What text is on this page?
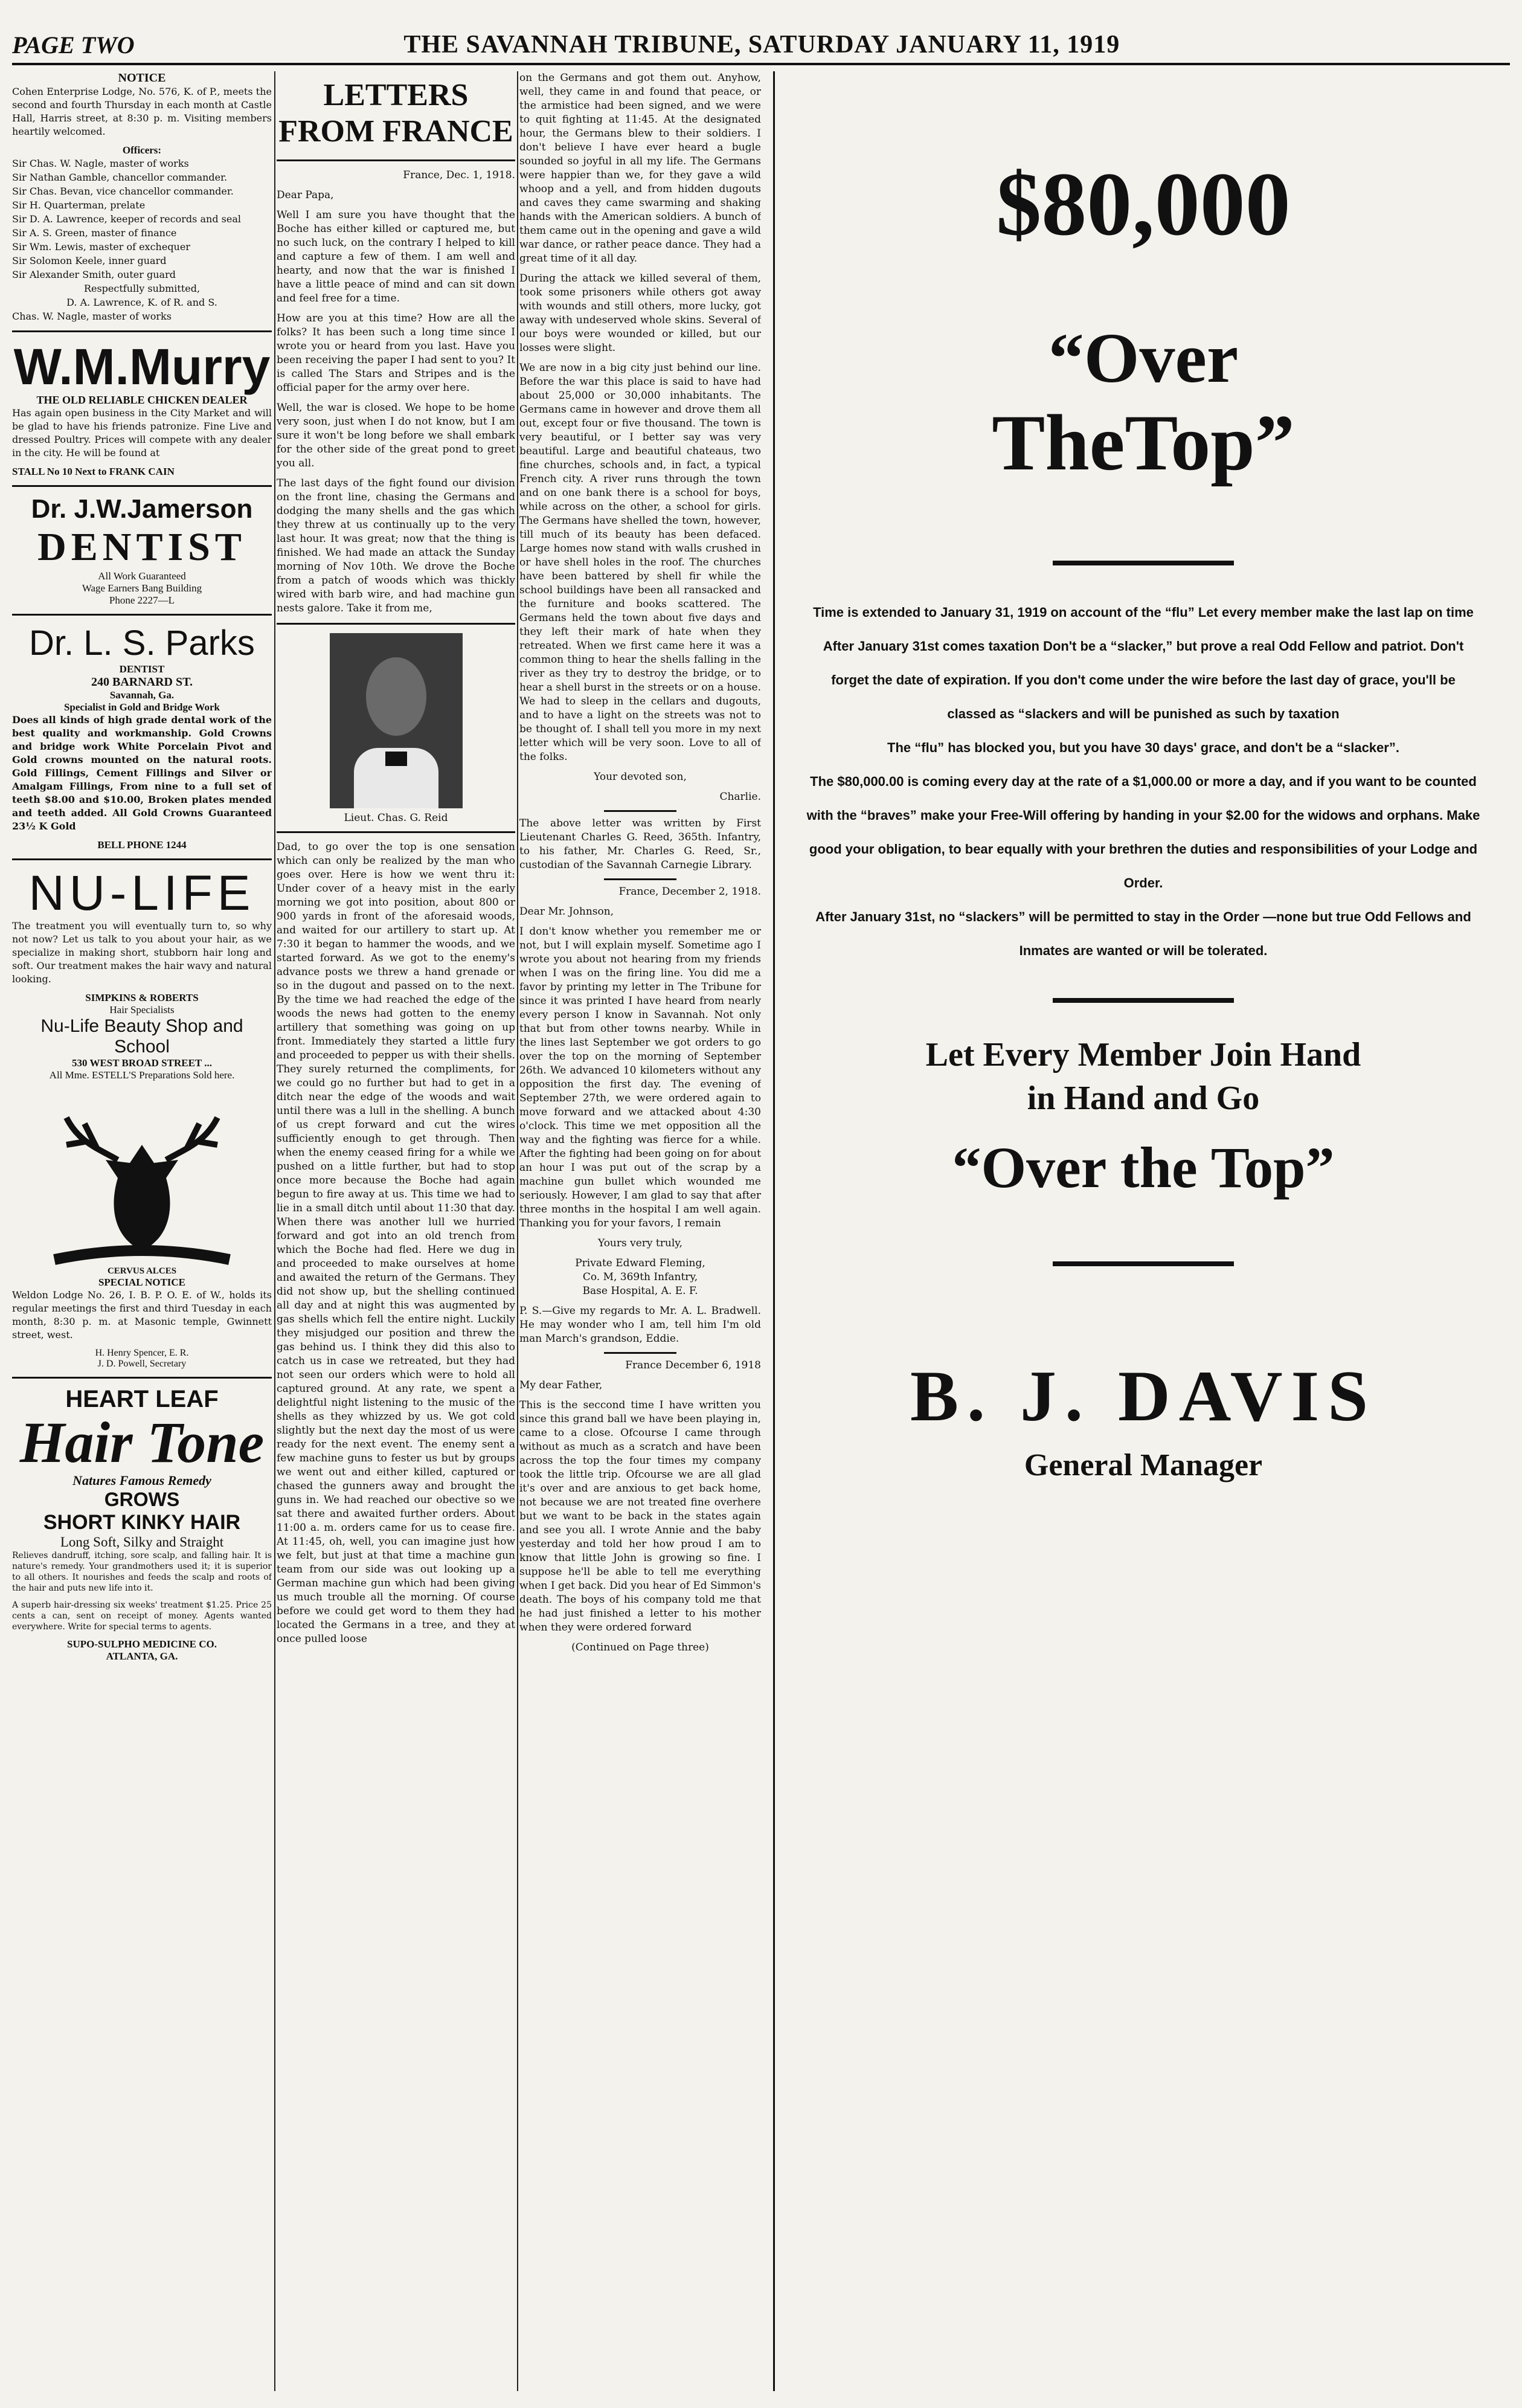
PAGE TWO	THE SAVANNAH TRIBUNE, SATURDAY JANUARY 11, 1919
NOTICE

Cohen Enterprise Lodge, No. 576, K. of P., meets the second and fourth Thursday in each month at Castle Hall, Harris street, at 8:30 p. m. Visiting members heartily welcomed.

Officers:

Sir Chas. W. Nagle, master of works

Sir Nathan Gamble, chancellor commander.

Sir Chas. Bevan, vice chancellor commander.

Sir H. Quarterman, prelate

Sir D. A. Lawrence, keeper of records and seal

Sir A. S. Green, master of finance

Sir Wm. Lewis, master of exchequer

Sir Solomon Keele, inner guard

Sir Alexander Smith, outer guard

Respectfully submitted,

D. A. Lawrence, K. of R. and S.

Chas. W. Nagle, master of works

W.M.Murry
THE OLD RELIABLE CHICKEN DEALER

Has again open business in the City Market and will be glad to have his friends patronize. Fine Live and dressed Poultry. Prices will compete with any dealer in the city. He will be found at

STALL No 10 Next to FRANK CAIN
Dr. J.W.Jamerson
DENTIST
All Work Guaranteed
Wage Earners Bang Building
Phone 2227—L
Dr. L. S. Parks
DENTIST
240 BARNARD ST.
Savannah, Ga.
Specialist in Gold and Bridge Work

Does all kinds of high grade dental work of the best quality and workmanship. Gold Crowns and bridge work White Porcelain Pivot and Gold crowns mounted on the natural roots. Gold Fillings, Cement Fillings and Silver or Amalgam Fillings, From nine to a full set of teeth $8.00 and $10.00, Broken plates mended and teeth added. All Gold Crowns Guaranteed 23½ K Gold

BELL PHONE 1244
NU-LIFE

The treatment you will eventually turn to, so why not now? Let us talk to you about your hair, as we specialize in making short, stubborn hair long and soft. Our treatment makes the hair wavy and natural looking.

SIMPKINS & ROBERTS
Hair Specialists
Nu-Life Beauty Shop and School
530 WEST BROAD STREET ...
All Mme. ESTELL'S Preparations Sold here.
CERVUS ALCES
SPECIAL NOTICE

Weldon Lodge No. 26, I. B. P. O. E. of W., holds its regular meetings the first and third Tuesday in each month, 8:30 p. m. at Masonic temple, Gwinnett street, west.

H. Henry Spencer, E. R.
J. D. Powell, Secretary
HEART LEAF
Hair Tone
Natures Famous Remedy
GROWS
SHORT KINKY HAIR
Long Soft, Silky and Straight

Relieves dandruff, itching, sore scalp, and falling hair. It is nature's remedy. Your grandmothers used it; it is superior to all others. It nourishes and feeds the scalp and roots of the hair and puts new life into it.

A superb hair-dressing six weeks' treatment $1.25. Price 25 cents a can, sent on receipt of money. Agents wanted everywhere. Write for special terms to agents.

SUPO-SULPHO MEDICINE CO.
ATLANTA, GA.
LETTERS FROM FRANCE

France, Dec. 1, 1918.

Dear Papa,

Well I am sure you have thought that the Boche has either killed or captured me, but no such luck, on the contrary I helped to kill and capture a few of them. I am well and hearty, and now that the war is finished I have a little peace of mind and can sit down and feel free for a time.

How are you at this time? How are all the folks? It has been such a long time since I wrote you or heard from you last. Have you been receiving the paper I had sent to you? It is called The Stars and Stripes and is the official paper for the army over here.

Well, the war is closed. We hope to be home very soon, just when I do not know, but I am sure it won't be long before we shall embark for the other side of the great pond to greet you all.

The last days of the fight found our division on the front line, chasing the Germans and dodging the many shells and the gas which they threw at us continually up to the very last hour. It was great; now that the thing is finished. We had made an attack the Sunday morning of Nov 10th. We drove the Boche from a patch of woods which was thickly wired with barb wire, and had machine gun nests galore. Take it from me,

Lieut. Chas. G. Reid

Dad, to go over the top is one sensation which can only be realized by the man who goes over. Here is how we went thru it: Under cover of a heavy mist in the early morning we got into position, about 800 or 900 yards in front of the aforesaid woods, and waited for our artillery to start up. At 7:30 it began to hammer the woods, and we started forward. As we got to the enemy's advance posts we threw a hand grenade or so in the dugout and passed on to the next. By the time we had reached the edge of the woods the news had gotten to the enemy artillery that something was going on up front. Immediately they started a little fury and proceeded to pepper us with their shells. They surely returned the compliments, for we could go no further but had to get in a ditch near the edge of the woods and wait until there was a lull in the shelling. A bunch of us crept forward and cut the wires sufficiently enough to get through. Then when the enemy ceased firing for a while we pushed on a little further, but had to stop once more because the Boche had again begun to fire away at us. This time we had to lie in a small ditch until about 11:30 that day. When there was another lull we hurried forward and got into an old trench from which the Boche had fled. Here we dug in and proceeded to make ourselves at home and awaited the return of the Germans. They did not show up, but the shelling continued all day and at night this was augmented by gas shells which fell the entire night. Luckily they misjudged our position and threw the gas behind us. I think they did this also to catch us in case we retreated, but they had not seen our orders which were to hold all captured ground. At any rate, we spent a delightful night listening to the music of the shells as they whizzed by us. We got cold slightly but the next day the most of us were ready for the next event. The enemy sent a few machine guns to fester us but by groups we went out and either killed, captured or chased the gunners away and brought the guns in. We had reached our obective so we sat there and awaited further orders. About 11:00 a. m. orders came for us to cease fire. At 11:45, oh, well, you can imagine just how we felt, but just at that time a machine gun team from our side was out looking up a German machine gun which had been giving us much trouble all the morning. Of course before we could get word to them they had located the Germans in a tree, and they at once pulled loose

on the Germans and got them out. Anyhow, well, they came in and found that peace, or the armistice had been signed, and we were to quit fighting at 11:45. At the designated hour, the Germans blew to their soldiers. I don't believe I have ever heard a bugle sounded so joyful in all my life. The Germans were happier than we, for they gave a wild whoop and a yell, and from hidden dugouts and caves they came swarming and shaking hands with the American soldiers. A bunch of them came out in the opening and gave a wild war dance, or rather peace dance. They had a great time of it all day.

During the attack we killed several of them, took some prisoners while others got away with wounds and still others, more lucky, got away with undeserved whole skins. Several of our boys were wounded or killed, but our losses were slight.

We are now in a big city just behind our line. Before the war this place is said to have had about 25,000 or 30,000 inhabitants. The Germans came in however and drove them all out, except four or five thousand. The town is very beautiful, or I better say was very beautiful. Large and beautiful chateaus, two fine churches, schools and, in fact, a typical French city. A river runs through the town and on one bank there is a school for boys, while across on the other, a school for girls. The Germans have shelled the town, however, till much of its beauty has been defaced. Large homes now stand with walls crushed in or have shell holes in the roof. The churches have been battered by shell fir while the school buildings have been all ransacked and the furniture and books scattered. The Germans held the town about five days and they left their mark of hate when they retreated. When we first came here it was a common thing to hear the shells falling in the river as they try to destroy the bridge, or to hear a shell burst in the streets or on a house. We had to sleep in the cellars and dugouts, and to have a light on the streets was not to be thought of. I shall tell you more in my next letter which will be very soon. Love to all of the folks.

Your devoted son,

Charlie.

The above letter was written by First Lieutenant Charles G. Reed, 365th. Infantry, to his father, Mr. Charles G. Reed, Sr., custodian of the Savannah Carnegie Library.

France, December 2, 1918.

Dear Mr. Johnson,

I don't know whether you remember me or not, but I will explain myself. Sometime ago I wrote you about not hearing from my friends when I was on the firing line. You did me a favor by printing my letter in The Tribune for since it was printed I have heard from nearly every person I know in Savannah. Not only that but from other towns nearby. While in the lines last September we got orders to go over the top on the morning of September 26th. We advanced 10 kilometers without any opposition the first day. The evening of September 27th, we were ordered again to move forward and we attacked about 4:30 o'clock. This time we met opposition all the way and the fighting was fierce for a while. After the fighting had been going on for about an hour I was put out of the scrap by a machine gun bullet which wounded me seriously. However, I am glad to say that after three months in the hospital I am well again. Thanking you for your favors, I remain

Yours very truly,

Private Edward Fleming,

Co. M, 369th Infantry,

Base Hospital, A. E. F.

P. S.—Give my regards to Mr. A. L. Bradwell. He may wonder who I am, tell him I'm old man March's grandson, Eddie.

France December 6, 1918

My dear Father,

This is the seccond time I have written you since this grand ball we have been playing in, came to a close. Ofcourse I came through without as much as a scratch and have been across the top the four times my company took the little trip. Ofcourse we are all glad it's over and are anxious to get back home, not because we are not treated fine overhere but we want to be back in the states again and see you all. I wrote Annie and the baby yesterday and told her how proud I am to know that little John is growing so fine. I suppose he'll be able to tell me everything when I get back. Did you hear of Ed Simmon's death. The boys of his company told me that he had just finished a letter to his mother when they were ordered forward

(Continued on Page three)

$80,000
“Over
TheTop”
Time is extended to January 31, 1919 on account of the “flu” Let every member make the last lap on time After January 31st comes taxation Don't be a “slacker,” but prove a real Odd Fellow and patriot. Don't forget the date of expiration. If you don't come under the wire before the last day of grace, you'll be classed as “slackers and will be punished as such by taxation
The “flu” has blocked you, but you have 30 days' grace, and don't be a “slacker”.
The $80,000.00 is coming every day at the rate of a $1,000.00 or more a day, and if you want to be counted with the “braves” make your Free-Will offering by handing in your $2.00 for the widows and orphans. Make good your obligation, to bear equally with your brethren the duties and responsibilities of your Lodge and Order.
After January 31st, no “slackers” will be permitted to stay in the Order —none but true Odd Fellows and Inmates are wanted or will be tolerated.
Let Every Member Join Hand
in Hand and Go
“Over the Top”
B. J. DAVIS
General Manager
